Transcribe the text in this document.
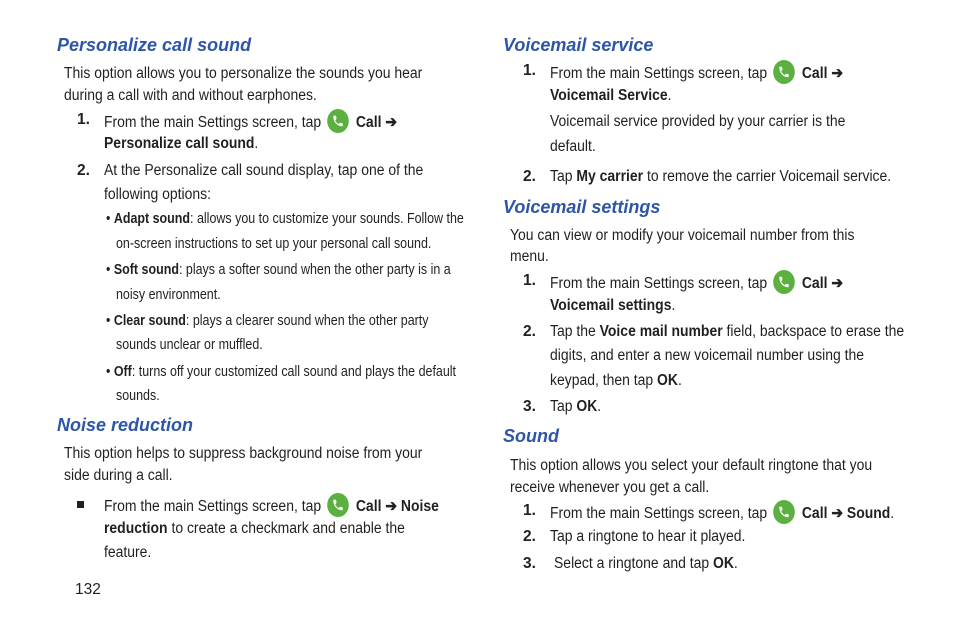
Personalize call sound
This option allows you to personalize the sounds you hear
during a call with and without earphones.
1. From the main Settings screen, tap Call ➔
Personalize call sound.
2. At the Personalize call sound display, tap one of the
following options:
• Adapt sound: allows you to customize your sounds. Follow the
on-screen instructions to set up your personal call sound.
• Soft sound: plays a softer sound when the other party is in a
noisy environment.
• Clear sound: plays a clearer sound when the other party
sounds unclear or muffled.
• Off: turns off your customized call sound and plays the default
sounds.
Noise reduction
This option helps to suppress background noise from your
side during a call.
From the main Settings screen, tap Call ➔ Noise
reduction to create a checkmark and enable the
feature.
132
Voicemail service
1. From the main Settings screen, tap Call ➔
Voicemail Service.
Voicemail service provided by your carrier is the
default.
2. Tap My carrier to remove the carrier Voicemail service.
Voicemail settings
You can view or modify your voicemail number from this
menu.
1. From the main Settings screen, tap Call ➔
Voicemail settings.
2. Tap the Voice mail number field, backspace to erase the
digits, and enter a new voicemail number using the
keypad, then tap OK.
3. Tap OK.
Sound
This option allows you select your default ringtone that you
receive whenever you get a call.
1. From the main Settings screen, tap Call ➔ Sound.
2. Tap a ringtone to hear it played.
3. Select a ringtone and tap OK.
